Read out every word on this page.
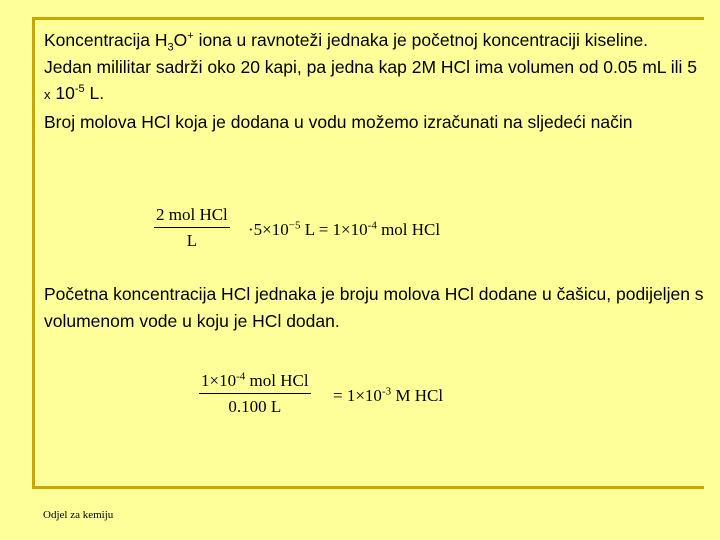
Koncentracija $H_3O^+$ iona u ravnoteži jednaka je početnoj koncentraciji kiseline.
Jedan mililitar sadrži oko 20 kapi, pa jedna kap 2M HCl ima volumen od 0.05 mL ili 5 x $10^{-5}$ L.
Broj molova HCl koja je dodana u vodu možemo izračunati na sljedeći način
2 mol HCl
L
$\cdot 5\times 10^{-5}$ $L = 1\times 10^{-4}$ mol HCl
Početna koncentracija HCl jednaka je broju molova HCl dodane u čašicu, podijeljen s volumenom vode u koju je HCl dodan.
$1\times 10^{-4}$ mol HCl
0.100 L
= $1\times 10^{-3}$ M HCl
Odjel za kemiju
